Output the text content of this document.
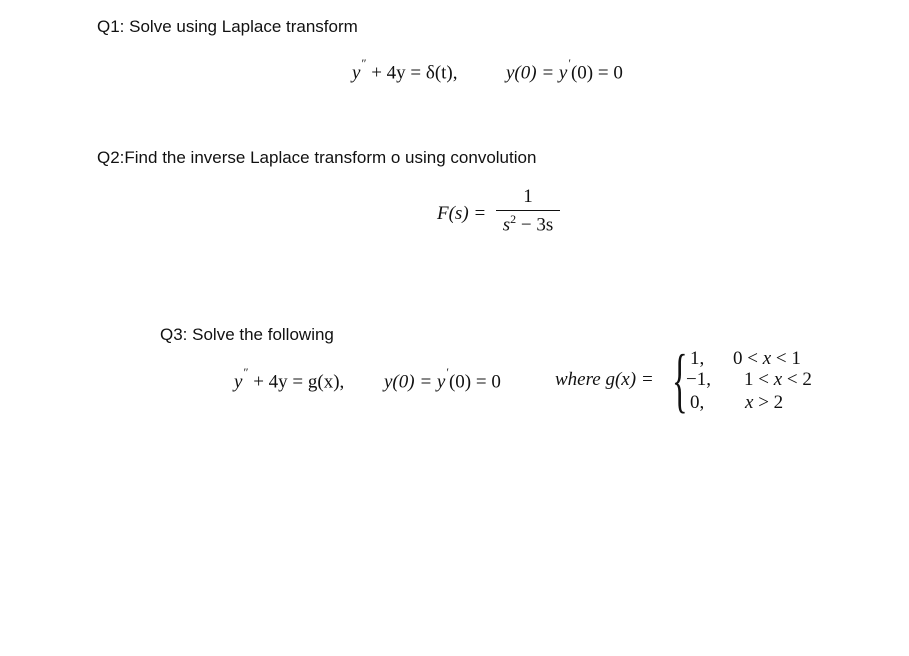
Q1: Solve using Laplace transform
y″ + 4y = δ(t),	y(0) = y′(0) = 0
Q2:Find the inverse Laplace transform o using convolution
F(s) =
1
$s^2 - 3s$
Q3: Solve the following
y″ + 4y = g(x), y(0) = y′(0) = 0	where g(x) = { 1,
−1,
0,
0 < x < 1
1 < x < 2
x > 2
